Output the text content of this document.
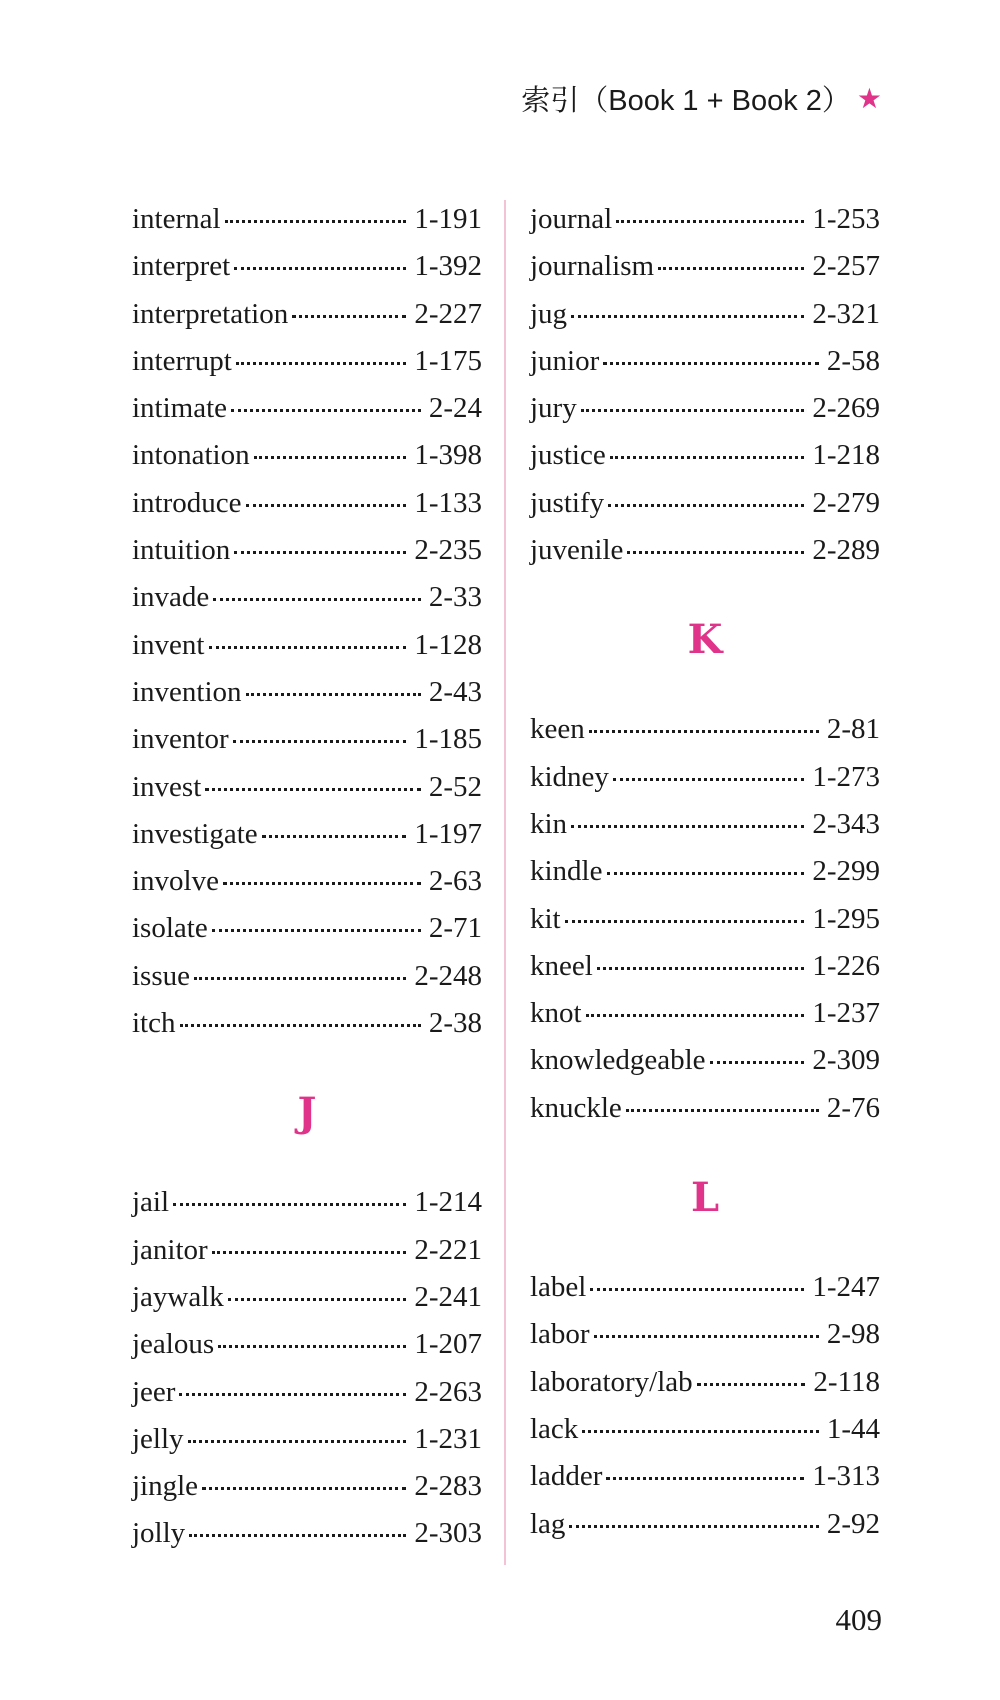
索引（Book 1 + Book 2） ★
internal	1-191
interpret	1-392
interpretation	2-227
interrupt	1-175
intimate	2-24
intonation	1-398
introduce	1-133
intuition	2-235
invade	2-33
invent	1-128
invention	2-43
inventor	1-185
invest	2-52
investigate	1-197
involve	2-63
isolate	2-71
issue	2-248
itch	2-38
J
jail	1-214
janitor	2-221
jaywalk	2-241
jealous	1-207
jeer	2-263
jelly	1-231
jingle	2-283
jolly	2-303
journal	1-253
journalism	2-257
jug	2-321
junior	2-58
jury	2-269
justice	1-218
justify	2-279
juvenile	2-289
K
keen	2-81
kidney	1-273
kin	2-343
kindle	2-299
kit	1-295
kneel	1-226
knot	1-237
knowledgeable	2-309
knuckle	2-76
L
label	1-247
labor	2-98
laboratory/lab	2-118
lack	1-44
ladder	1-313
lag	2-92
409
